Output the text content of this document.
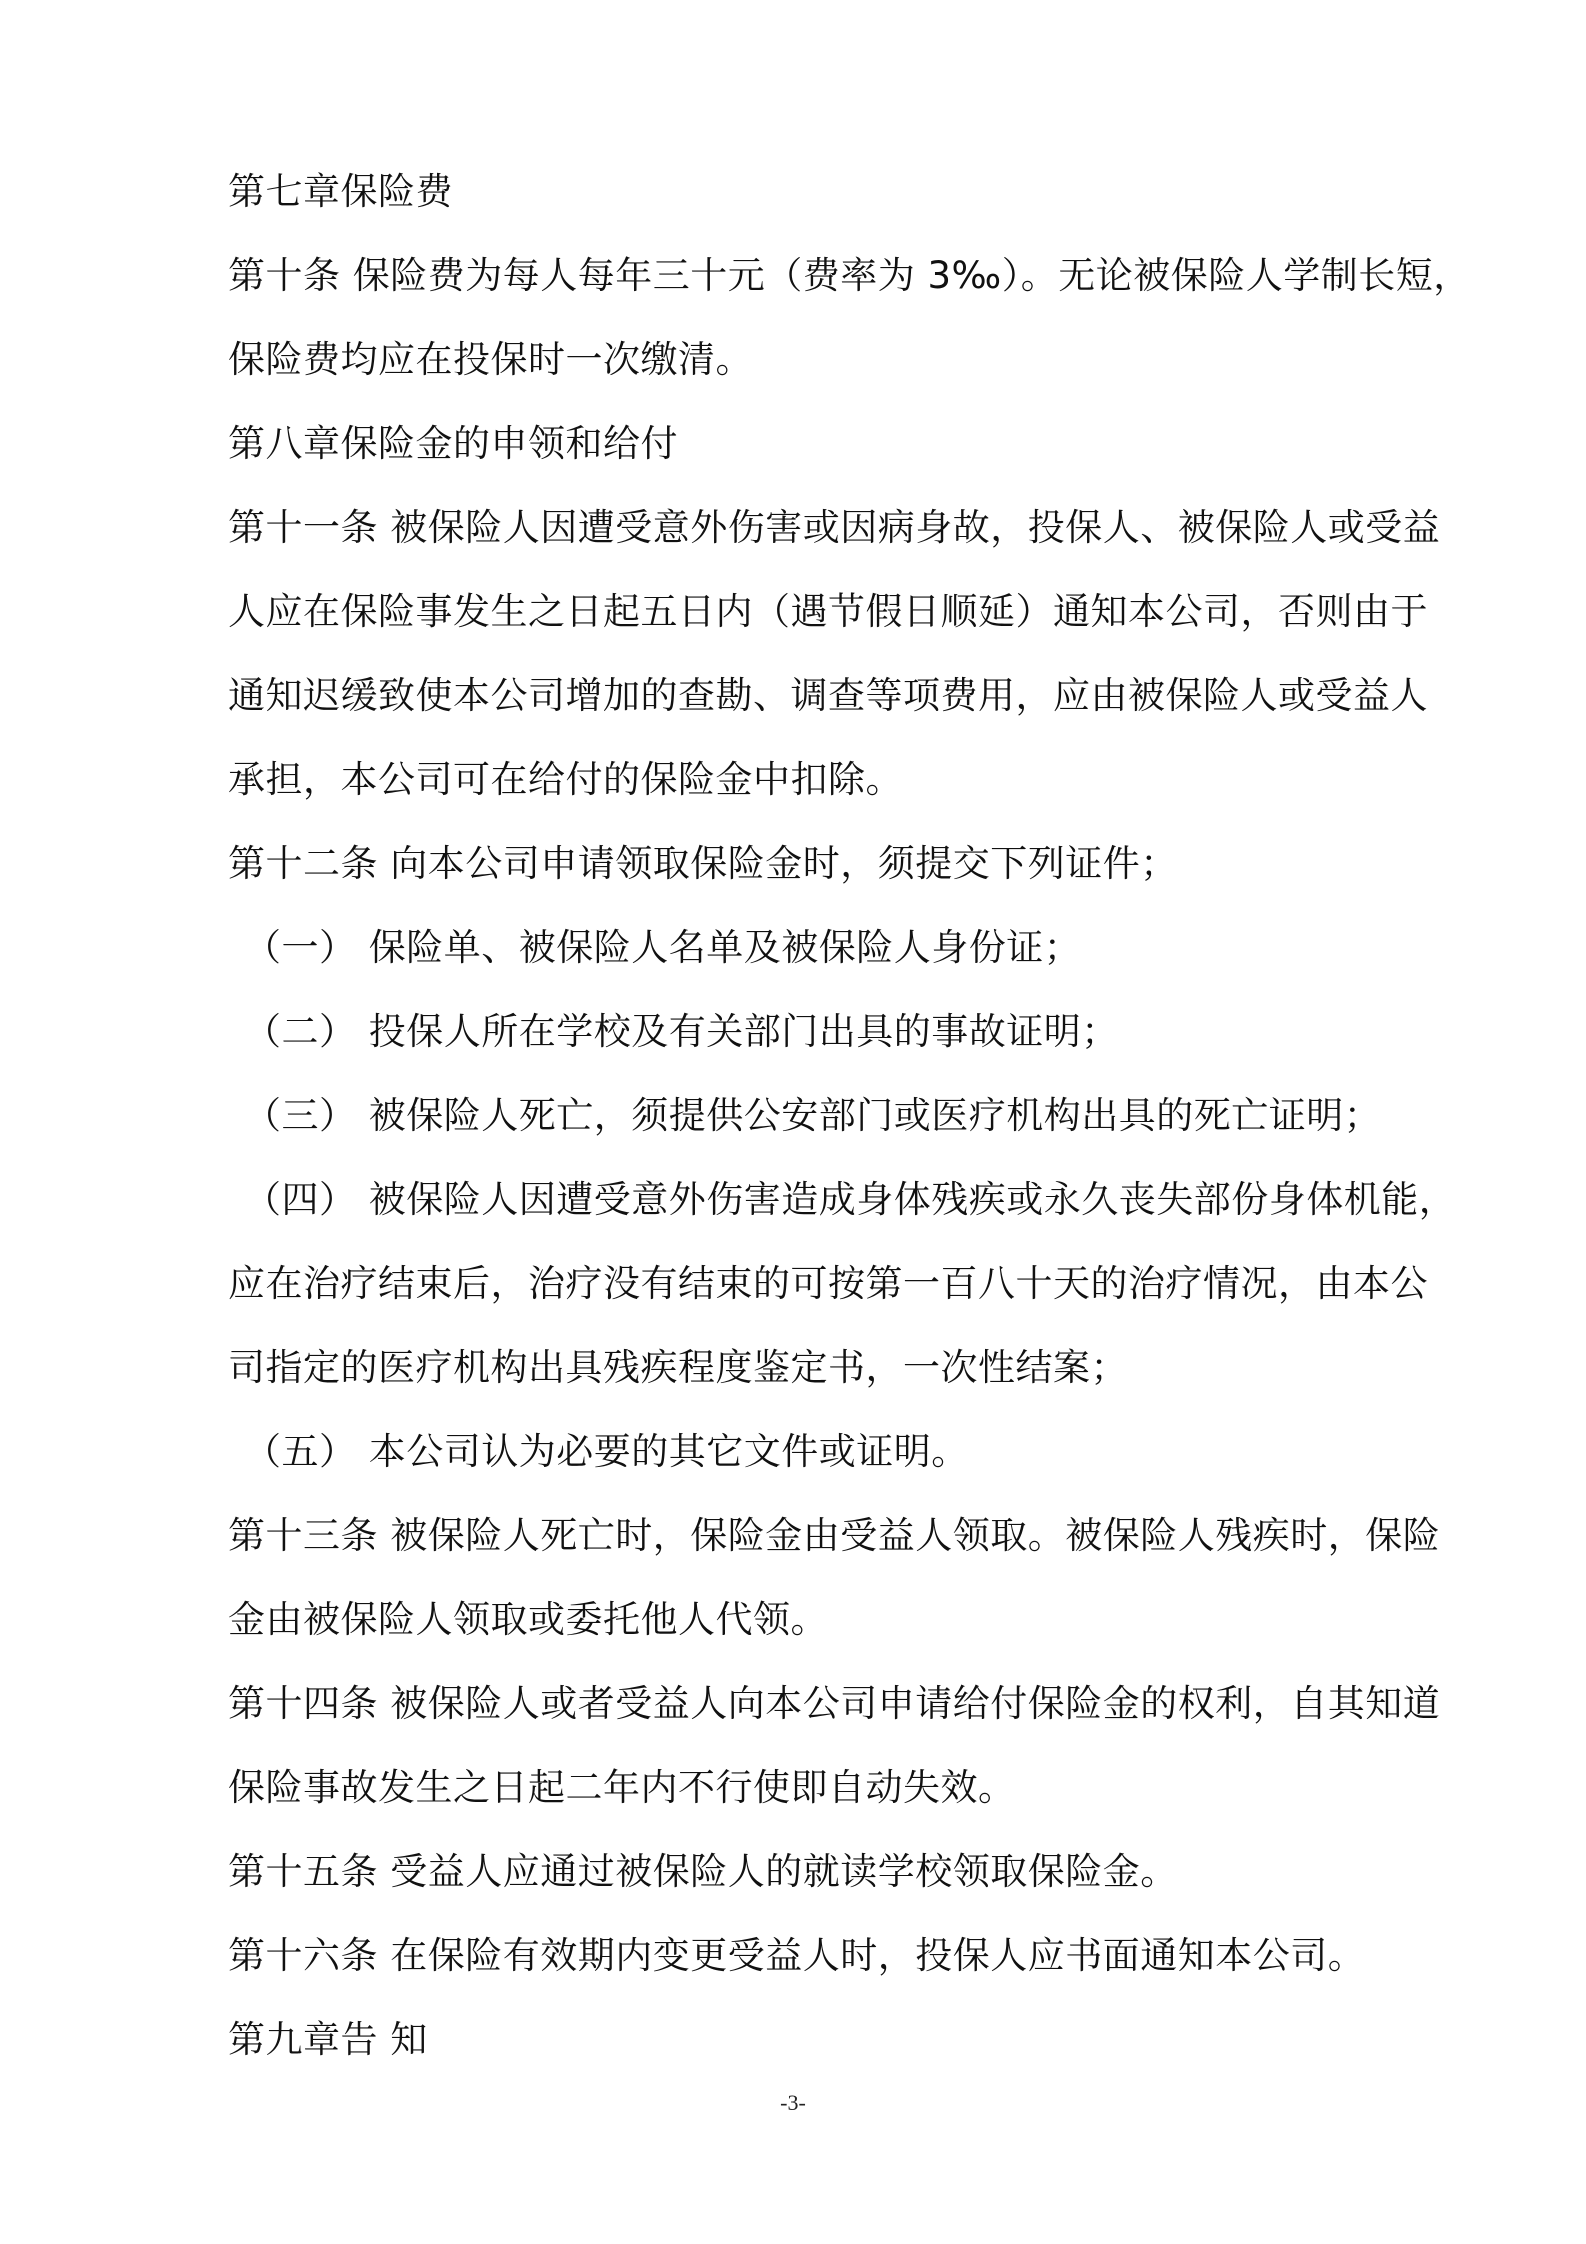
第七章保险费
第十条 保险费为每人每年三十元（费率为 3‰）。无论被保险人学制长短，
保险费均应在投保时一次缴清。
第八章保险金的申领和给付
第十一条 被保险人因遭受意外伤害或因病身故，投保人、被保险人或受益
人应在保险事发生之日起五日内（遇节假日顺延）通知本公司，否则由于
通知迟缓致使本公司增加的查勘、调查等项费用，应由被保险人或受益人
承担，本公司可在给付的保险金中扣除。
第十二条 向本公司申请领取保险金时，须提交下列证件；
（一） 保险单、被保险人名单及被保险人身份证；
（二） 投保人所在学校及有关部门出具的事故证明；
（三） 被保险人死亡，须提供公安部门或医疗机构出具的死亡证明；
（四） 被保险人因遭受意外伤害造成身体残疾或永久丧失部份身体机能，
应在治疗结束后，治疗没有结束的可按第一百八十天的治疗情况，由本公
司指定的医疗机构出具残疾程度鉴定书，一次性结案；
（五） 本公司认为必要的其它文件或证明。
第十三条 被保险人死亡时，保险金由受益人领取。被保险人残疾时，保险
金由被保险人领取或委托他人代领。
第十四条 被保险人或者受益人向本公司申请给付保险金的权利，自其知道
保险事故发生之日起二年内不行使即自动失效。
第十五条 受益人应通过被保险人的就读学校领取保险金。
第十六条 在保险有效期内变更受益人时，投保人应书面通知本公司。
第九章告 知
-3-
